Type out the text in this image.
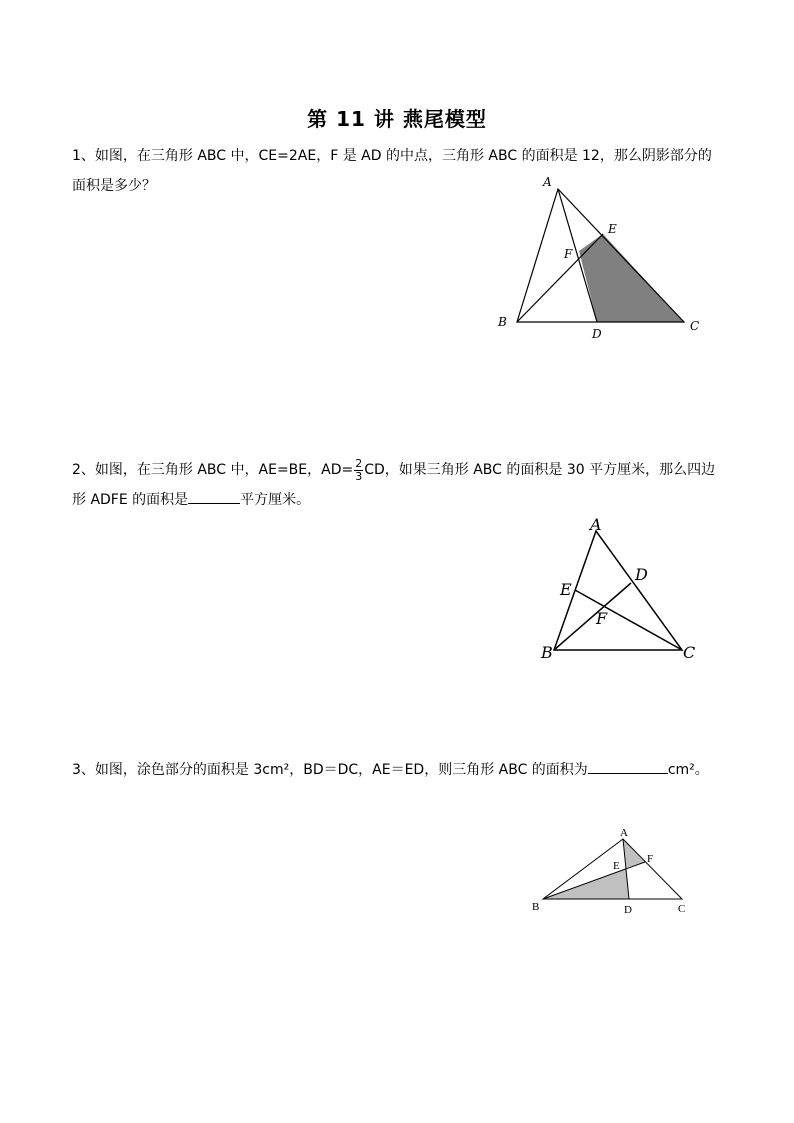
第 11 讲 燕尾模型
1、如图，在三角形 ABC 中，CE=2AE，F 是 AD 的中点，三角形 ABC 的面积是 12，那么阴影部分的面积是多少？	A
B	C
D
E
F
2、如图，在三角形 ABC 中，AE=BE，$AD= \frac{2}{3}$ CD，如果三角形 ABC 的面积是 30 平方厘米，那么四边形 ADFE 的面积是	平方厘米。
A
B	C
D
E
F
3、如图，涂色部分的面积是 3cm²，BD＝DC，AE＝ED，则三角形 ABC 的面积为	cm²。
A
B	C
D
E
F
